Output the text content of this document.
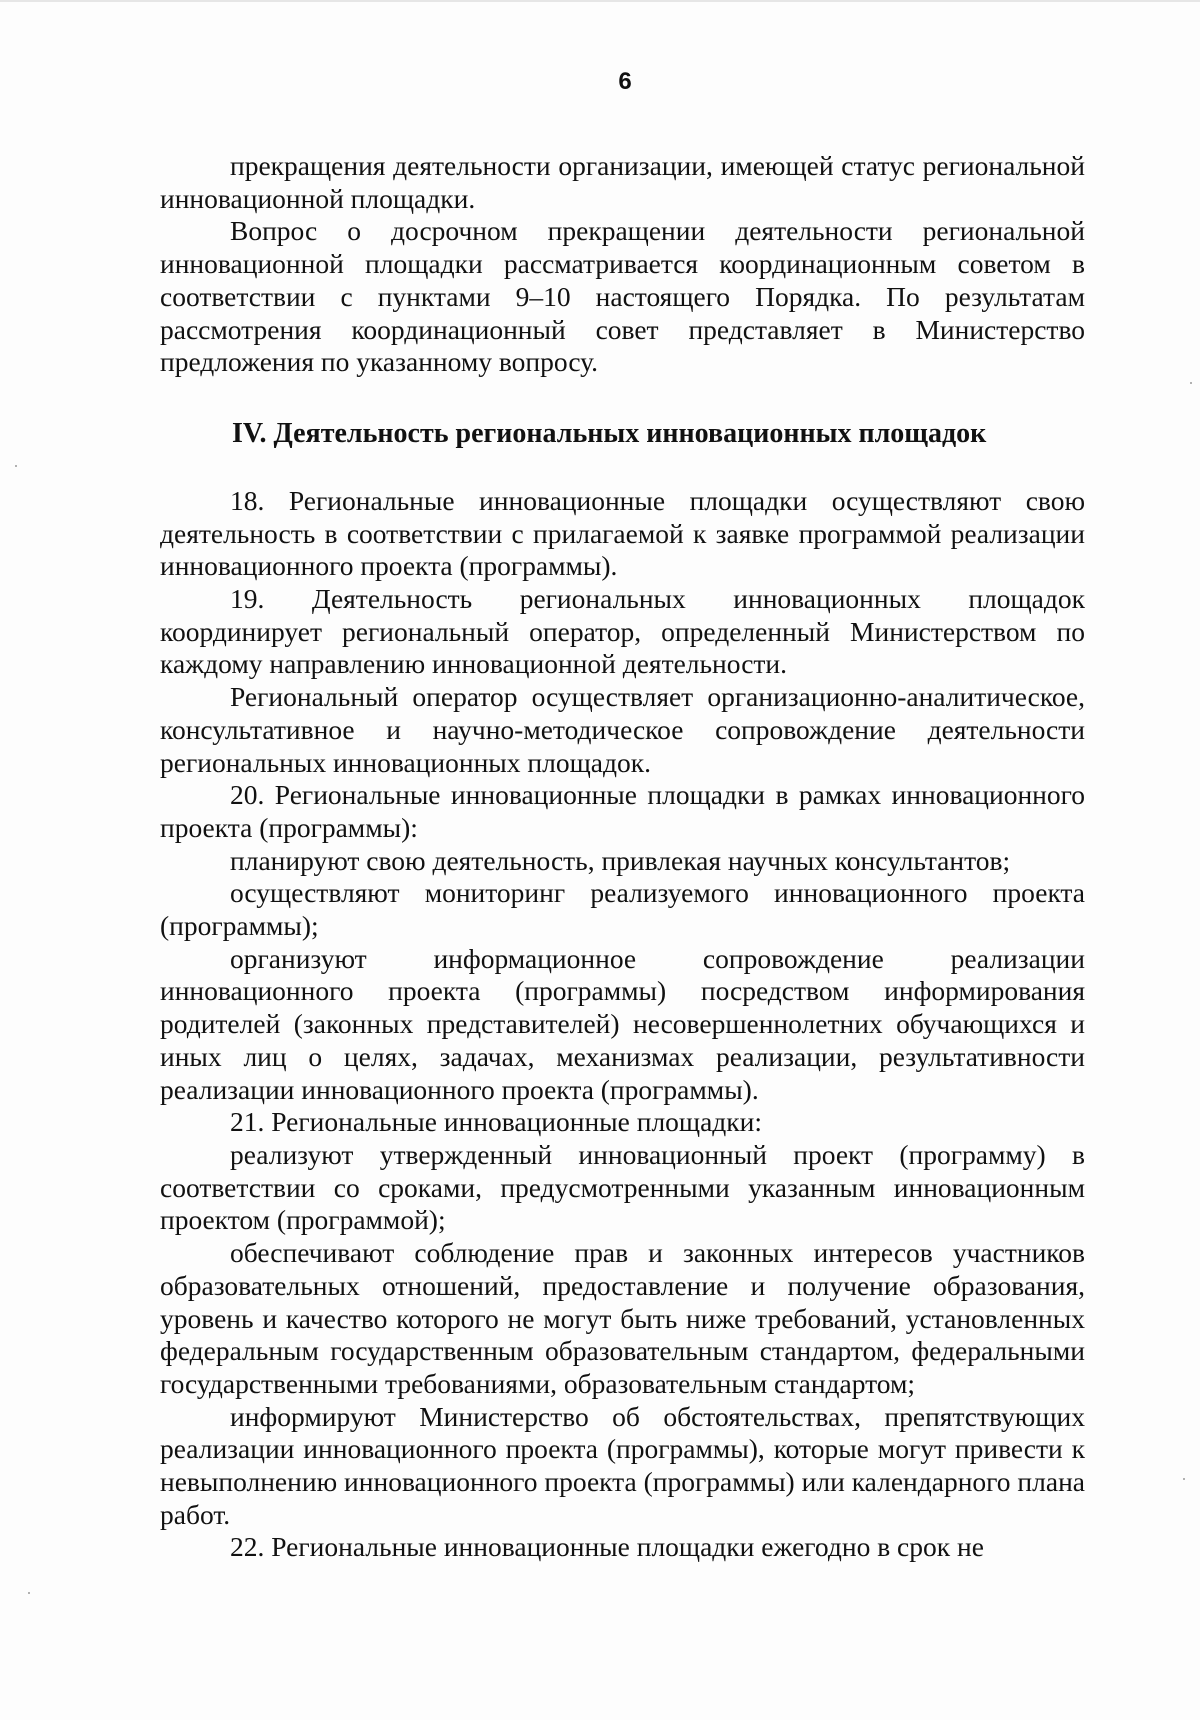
6

прекращения деятельности организации, имеющей статус региональной инновационной площадки.

Вопрос о досрочном прекращении деятельности региональной инновационной площадки рассматривается координационным советом в соответствии с пунктами 9–10 настоящего Порядка. По результатам рассмотрения координационный совет представляет в Министерство предложения по указанному вопросу.

IV. Деятельность региональных инновационных площадок

18. Региональные инновационные площадки осуществляют свою деятельность в соответствии с прилагаемой к заявке программой реализации инновационного проекта (программы).

19. Деятельность региональных инновационных площадок координирует региональный оператор, определенный Министерством по каждому направлению инновационной деятельности.

Региональный оператор осуществляет организационно-аналитическое, консультативное и научно-методическое сопровождение деятельности региональных инновационных площадок.

20. Региональные инновационные площадки в рамках инновационного проекта (программы):

планируют свою деятельность, привлекая научных консультантов;

осуществляют мониторинг реализуемого инновационного проекта (программы);

организуют информационное сопровождение реализации инновационного проекта (программы) посредством информирования родителей (законных представителей) несовершеннолетних обучающихся и иных лиц о целях, задачах, механизмах реализации, результативности реализации инновационного проекта (программы).

21. Региональные инновационные площадки:

реализуют утвержденный инновационный проект (программу) в соответствии со сроками, предусмотренными указанным инновационным проектом (программой);

обеспечивают соблюдение прав и законных интересов участников образовательных отношений, предоставление и получение образования, уровень и качество которого не могут быть ниже требований, установленных федеральным государственным образовательным стандартом, федеральными государственными требованиями, образовательным стандартом;

информируют Министерство об обстоятельствах, препятствующих реализации инновационного проекта (программы), которые могут привести к невыполнению инновационного проекта (программы) или календарного плана работ.

22. Региональные инновационные площадки ежегодно в срок не
